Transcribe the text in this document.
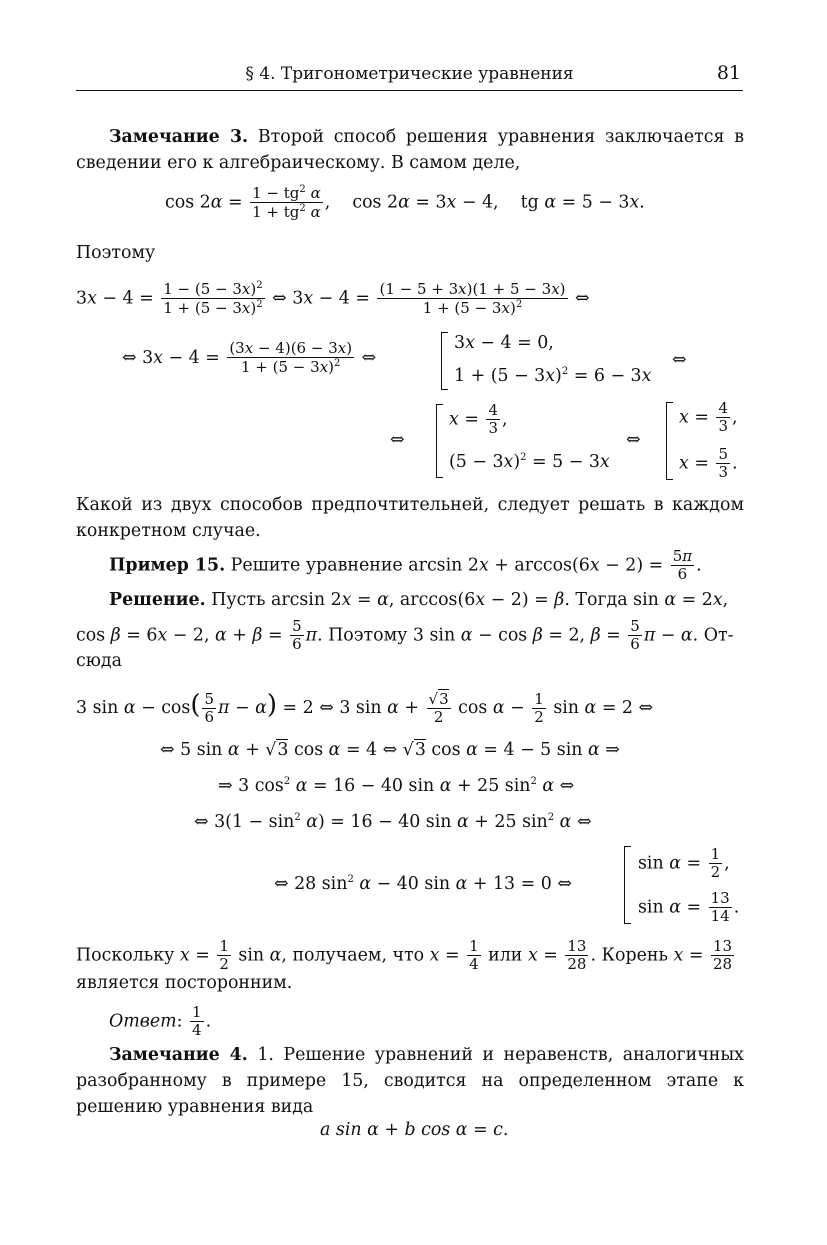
§ 4. Тригонометрические уравнения	81
Замечание 3. Второй способ решения уравнения заключается в сведении его к алгебраическому. В самом деле,
$\cos 2\alpha = \frac{1 - tg^2 \alpha}{1 + tg^2 \alpha}$ ,    cos 2α = 3x − 4,    tg α = 5 − 3x.
Поэтому
$3x - 4 = \frac{1 - (5 - 3x)^2}{1 + (5 - 3x)^2}$ ⇔ $3x - 4 = \frac{(1 - 5 + 3x)(1 + 5 - 3x)}{1 + (5 - 3x)^2}$ ⇔
⇔ $3x - 4 = \frac{(3x - 4)(6 - 3x)}{1 + (5 - 3x)^2}$ ⇔
3x − 4 = 0,
$1 + (5 - 3x)^2 = 6 - 3x$
⇔
⇔
$x = \frac{4}{3}$ ,
$(5 - 3x)^2 = 5 - 3x$
⇔
$x = \frac{4}{3}$ ,
$x = \frac{5}{3}$ .
Какой из двух способов предпочтительней, следует решать в каждом конкретном случае.
Пример 15. Решите уравнение $\arcsin 2x + \arccos(6x - 2) = \frac{5\pi}{6}$ .
Решение. Пусть arcsin 2x = α, arccos(6x − 2) = β. Тогда sin α = 2x,
cos β = 6x − 2, $\alpha + \beta = \frac{5}{6} \pi$. Поэтому 3 sin α − cos β = 2, $\beta = \frac{5}{6}$ π − α. От-
сюда
3 $\sin \alpha - \cos( \frac{5}{6}$ π − α) = 2 ⇔ 3 $\sin \alpha + \frac{√3}{2}$ $\cos \alpha - \frac{1}{2}$ sin α = 2 ⇔
⇔ 5 sin α + √3 cos α = 4 ⇔ √3 cos α = 4 − 5 sin α ⇒
⇒ 3 $\cos^2 \alpha = 16 - 40$ sin α + 25 $\sin^2 \alpha$ ⇔
⇔ $3(1 - \sin^2 \alpha) = 16 - 40$ sin α + 25 $\sin^2 \alpha$ ⇔
⇔ 28 $\sin^2 \alpha - 40$ sin α + 13 = 0 ⇔
$\sin \alpha = \frac{1}{2}$ ,
$\sin \alpha = \frac{13}{14}$ .
Поскольку $x = \frac{1}{2}$ sin α, получаем, что $x = \frac{1}{4}$ или $x = \frac{13}{28}$ . Корень $x = \frac{13}{28}$
является посторонним.
Ответ: $\frac{1}{4}$ .
Замечание 4. 1. Решение уравнений и неравенств, аналогичных разобранному в примере 15, сводится на определенном этапе к решению уравнения вида
a sin α + b cos α = c.
